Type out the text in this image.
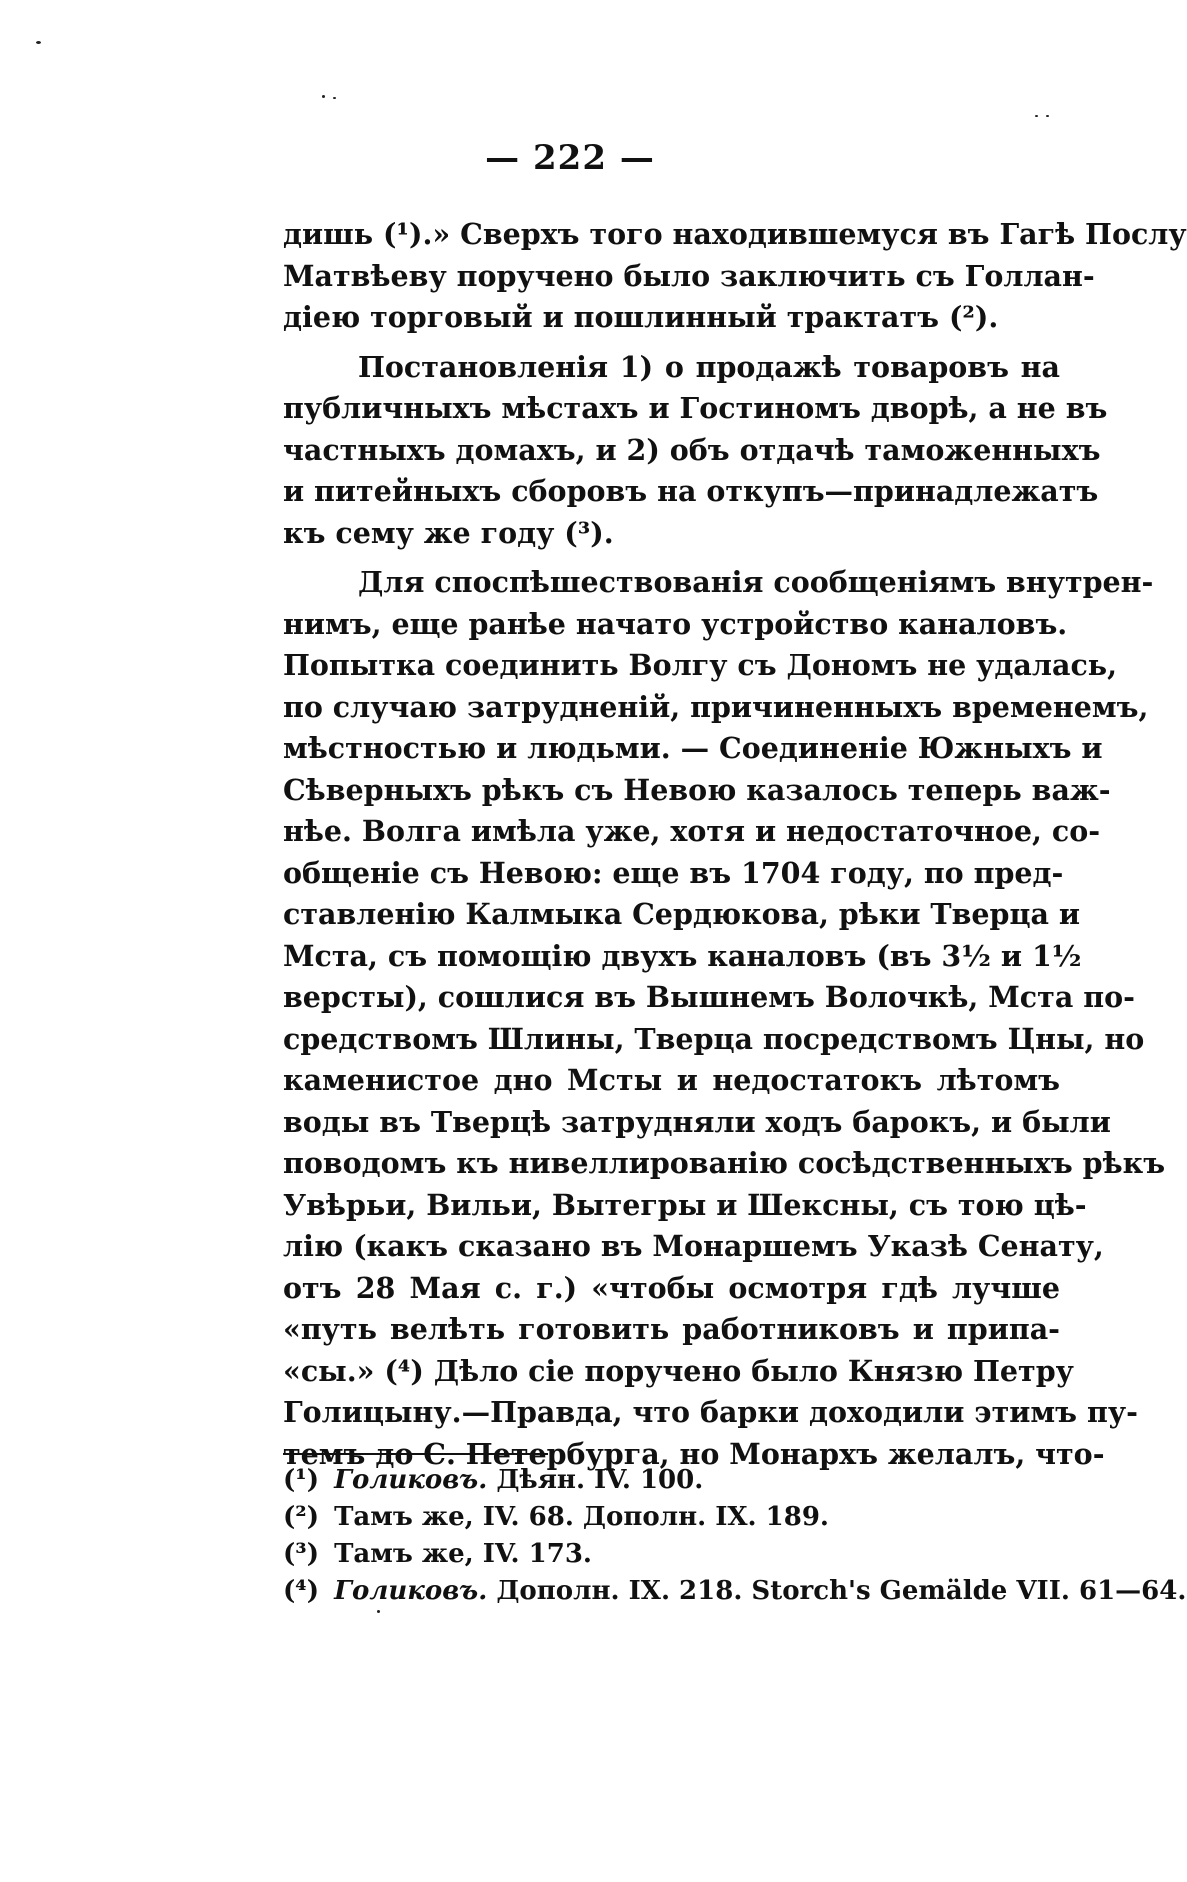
— 222 —
дишь (¹).» Сверхъ того находившемуся въ Гагѣ Послу
Матвѣеву поручено было заключить съ Голлан-
діею торговый и пошлинный трактатъ (²).
Постановленія 1) о продажѣ товаровъ на
публичныхъ мѣстахъ и Гостиномъ дворѣ, а не въ
частныхъ домахъ, и 2) объ отдачѣ таможенныхъ
и питейныхъ сборовъ на откупъ—принадлежатъ
къ сему же году (³).
Для споспѣшествованія сообщеніямъ внутрен-
нимъ, еще ранѣе начато устройство каналовъ.
Попытка соединить Волгу съ Дономъ не удалась,
по случаю затрудненій, причиненныхъ временемъ,
мѣстностью и людьми. — Соединеніе Южныхъ и
Сѣверныхъ рѣкъ съ Невою казалось теперь важ-
нѣе. Волга имѣла уже, хотя и недостаточное, со-
общеніе съ Невою: еще въ 1704 году, по пред-
ставленію Калмыка Сердюкова, рѣки Тверца и
Мста, съ помощію двухъ каналовъ (въ 3½ и 1½
версты), сошлися въ Вышнемъ Волочкѣ, Мста по-
средствомъ Шлины, Тверца посредствомъ Цны, но
каменистое дно Мсты и недостатокъ лѣтомъ
воды въ Тверцѣ затрудняли ходъ барокъ, и были
поводомъ къ нивеллированію сосѣдственныхъ рѣкъ
Увѣрьи, Вильи, Вытегры и Шексны, съ тою цѣ-
лію (какъ сказано въ Монаршемъ Указѣ Сенату,
отъ 28 Мая с. г.) «чтобы осмотря гдѣ лучше
«путь велѣть готовить работниковъ и припа-
«сы.» (⁴) Дѣло сіе поручено было Князю Петру
Голицыну.—Правда, что барки доходили этимъ пу-
темъ до С. Петербурга, но Монархъ желалъ, что-
(¹) Голиковъ. Дѣян. IV. 100.
(²) Тамъ же, IV. 68. Дополн. IX. 189.
(³) Тамъ же, IV. 173.
(⁴) Голиковъ. Дополн. IX. 218. Storch's Gemälde VII. 61—64.
